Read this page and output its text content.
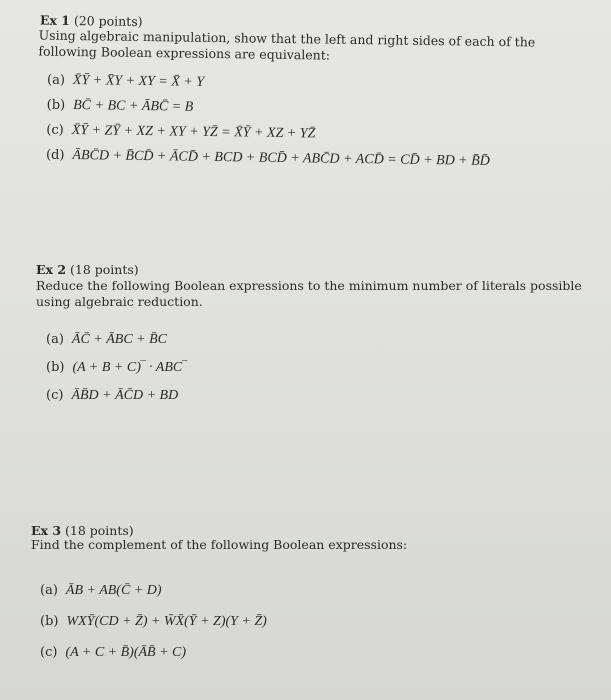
Ex 1 (20 points)
Using algebraic manipulation, show that the left and right sides of each of the following Boolean expressions are equivalent:
(a) X̄Ȳ + X̄Y + XY = X̄ + Y
(b) BC̄ + BC + ĀBC̄ = B
(c) X̄Ȳ + ZȲ + XZ + XY + YZ̄ = X̄Ȳ + XZ + YZ̄
(d) ĀBC̄D + B̄CD̄ + ĀCD̄ + BCD + BCD̄ + ABC̄D + ACD̄ = CD̄ + BD + B̄D̄
Ex 2 (18 points)
Reduce the following Boolean expressions to the minimum number of literals possible using algebraic reduction.
(a) ĀC̄ + ĀBC + B̄C
(b) (A + B + C)‾ · ABC‾
(c) ĀB̄D + ĀC̄D + BD
Ex 3 (18 points)
Find the complement of the following Boolean expressions:
(a) ĀB + AB(C̄ + D)
(b) WXȲ(CD + Z̄) + W̄X̄(Ȳ + Z)(Y + Z̄)
(c) (A + C + B̄)(ĀB̄ + C)
